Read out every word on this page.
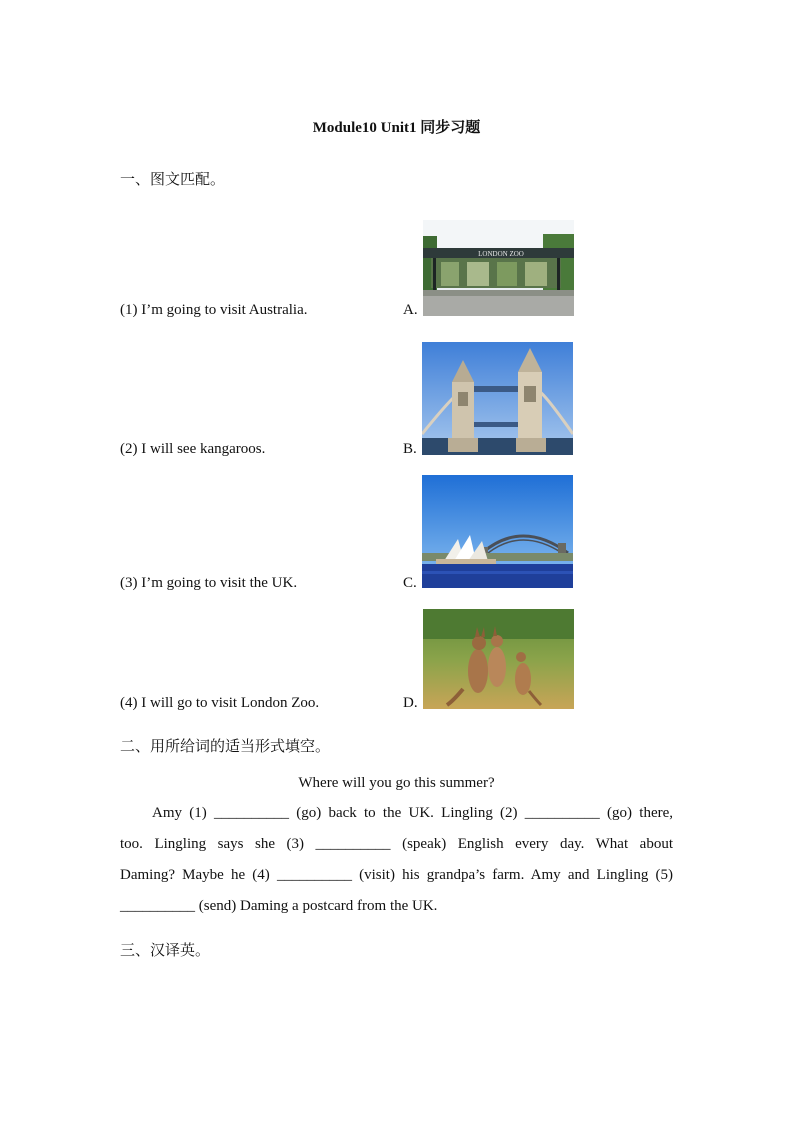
Module10 Unit1 同步习题
一、图文匹配。
(1) I’m going to visit Australia.	A.
(2) I will see kangaroos.	B.
(3) I’m going to visit the UK.	C.
(4) I will go to visit London Zoo.	D.
LONDON ZOO
二、用所给词的适当形式填空。
Where will you go this summer?
Amy (1) __________ (go) back to the UK. Lingling (2) __________ (go) there,
too. Lingling says she (3) __________ (speak) English every day. What about
Daming? Maybe he (4) __________ (visit) his grandpa’s farm. Amy and Lingling (5)
__________ (send) Daming a postcard from the UK.
三、汉译英。
